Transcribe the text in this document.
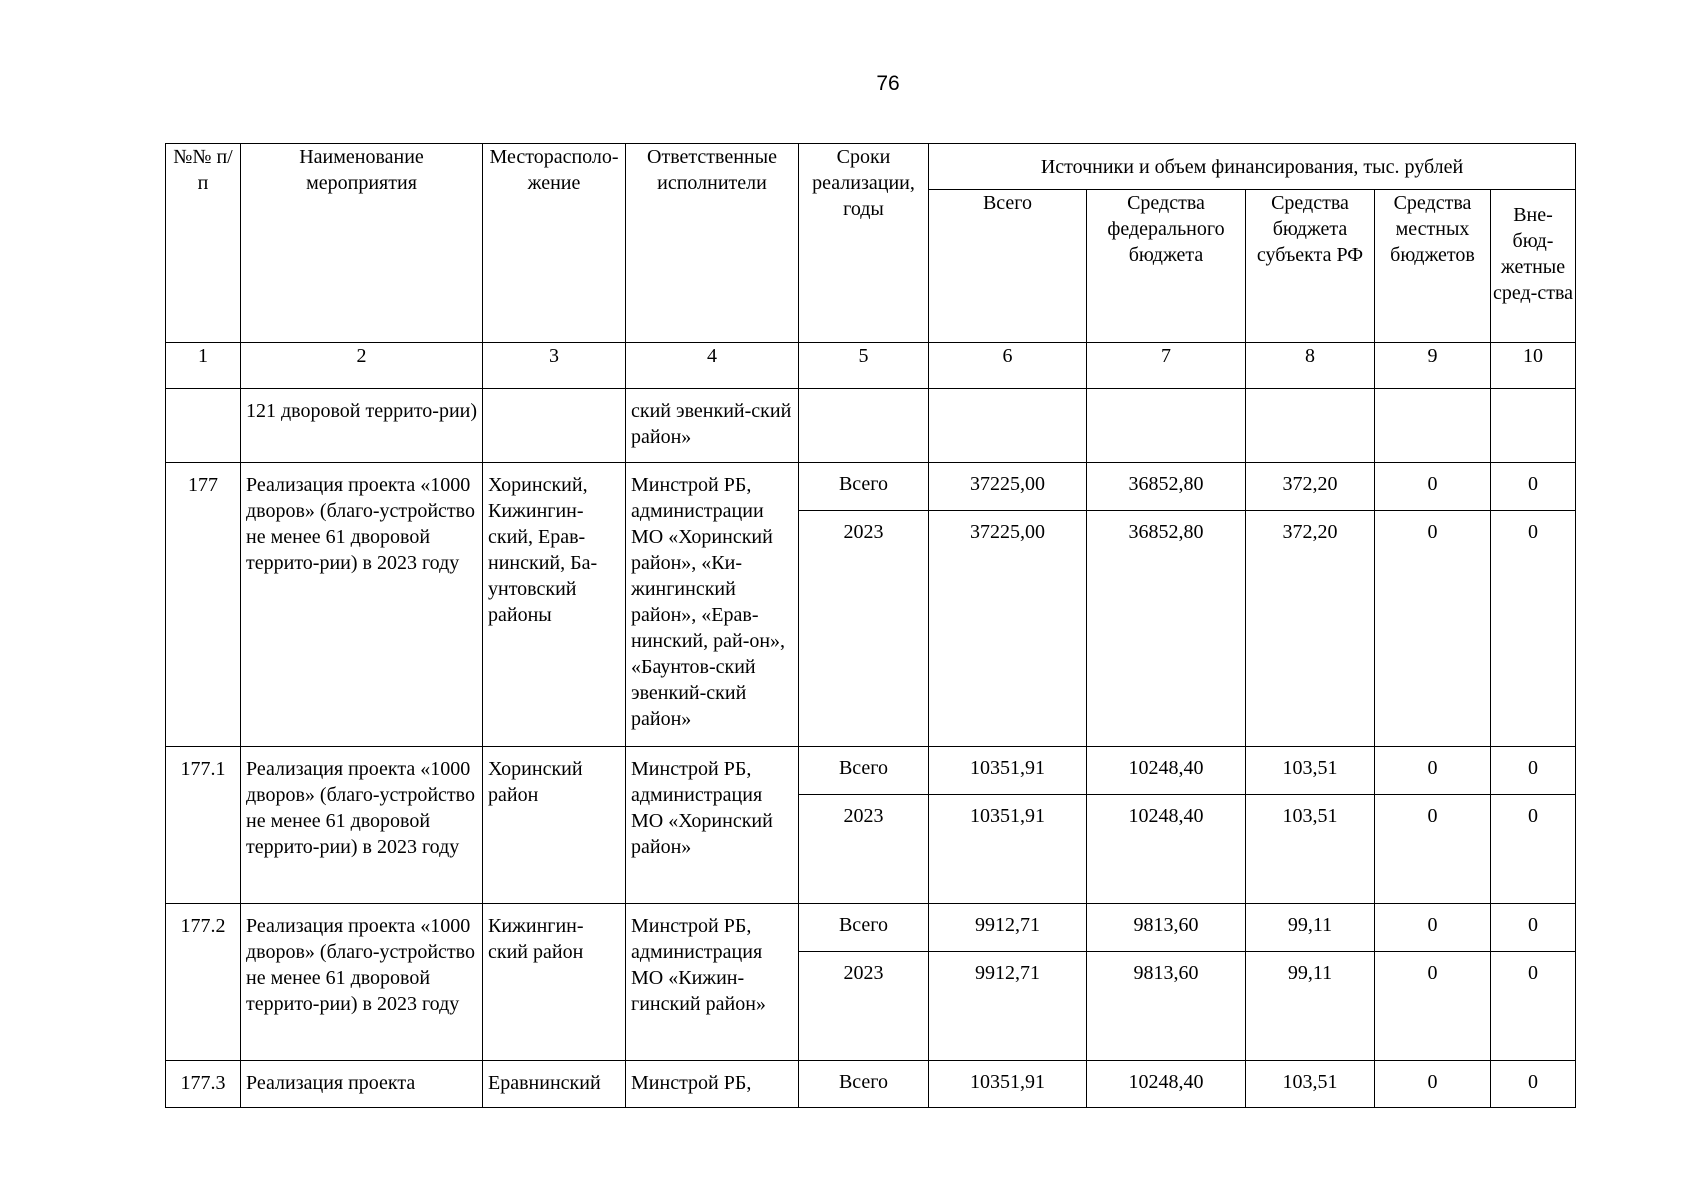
76
№№ п/п	Наименование мероприятия	Месторасполо-жение	Ответственные исполнители	Сроки реализации, годы	Источники и объем финансирования, тыс. рублей				
					Всего	Средства федерального бюджета	Средства бюджета субъекта РФ	Средства местных бюджетов	Вне-бюд-жетные сред-ства
1	2	3	4	5	6	7	8	9	10
	121 дворовой террито-рии)		ский эвенкий-ский район»						
177	Реализация проекта «1000 дворов» (благо-устройство не менее 61 дворовой террито-рии) в 2023 году	Хоринский, Кижингин-ский, Ерав-нинский, Ба-унтовский районы	Минстрой РБ, администрации МО «Хоринский район», «Ки-жингинский район», «Ерав-нинский, рай-он», «Баунтов-ский эвенкий-ский район»	Всего	37225,00	36852,80	372,20	0	0
				2023	37225,00	36852,80	372,20	0	0
177.1	Реализация проекта «1000 дворов» (благо-устройство не менее 61 дворовой террито-рии) в 2023 году	Хоринский район	Минстрой РБ, администрация МО «Хоринский район»	Всего	10351,91	10248,40	103,51	0	0
				2023	10351,91	10248,40	103,51	0	0
177.2	Реализация проекта «1000 дворов» (благо-устройство не менее 61 дворовой террито-рии) в 2023 году	Кижингин-ский район	Минстрой РБ, администрация МО «Кижин-гинский район»	Всего	9912,71	9813,60	99,11	0	0
				2023	9912,71	9813,60	99,11	0	0
177.3	Реализация проекта	Еравнинский	Минстрой РБ,	Всего	10351,91	10248,40	103,51	0	0
